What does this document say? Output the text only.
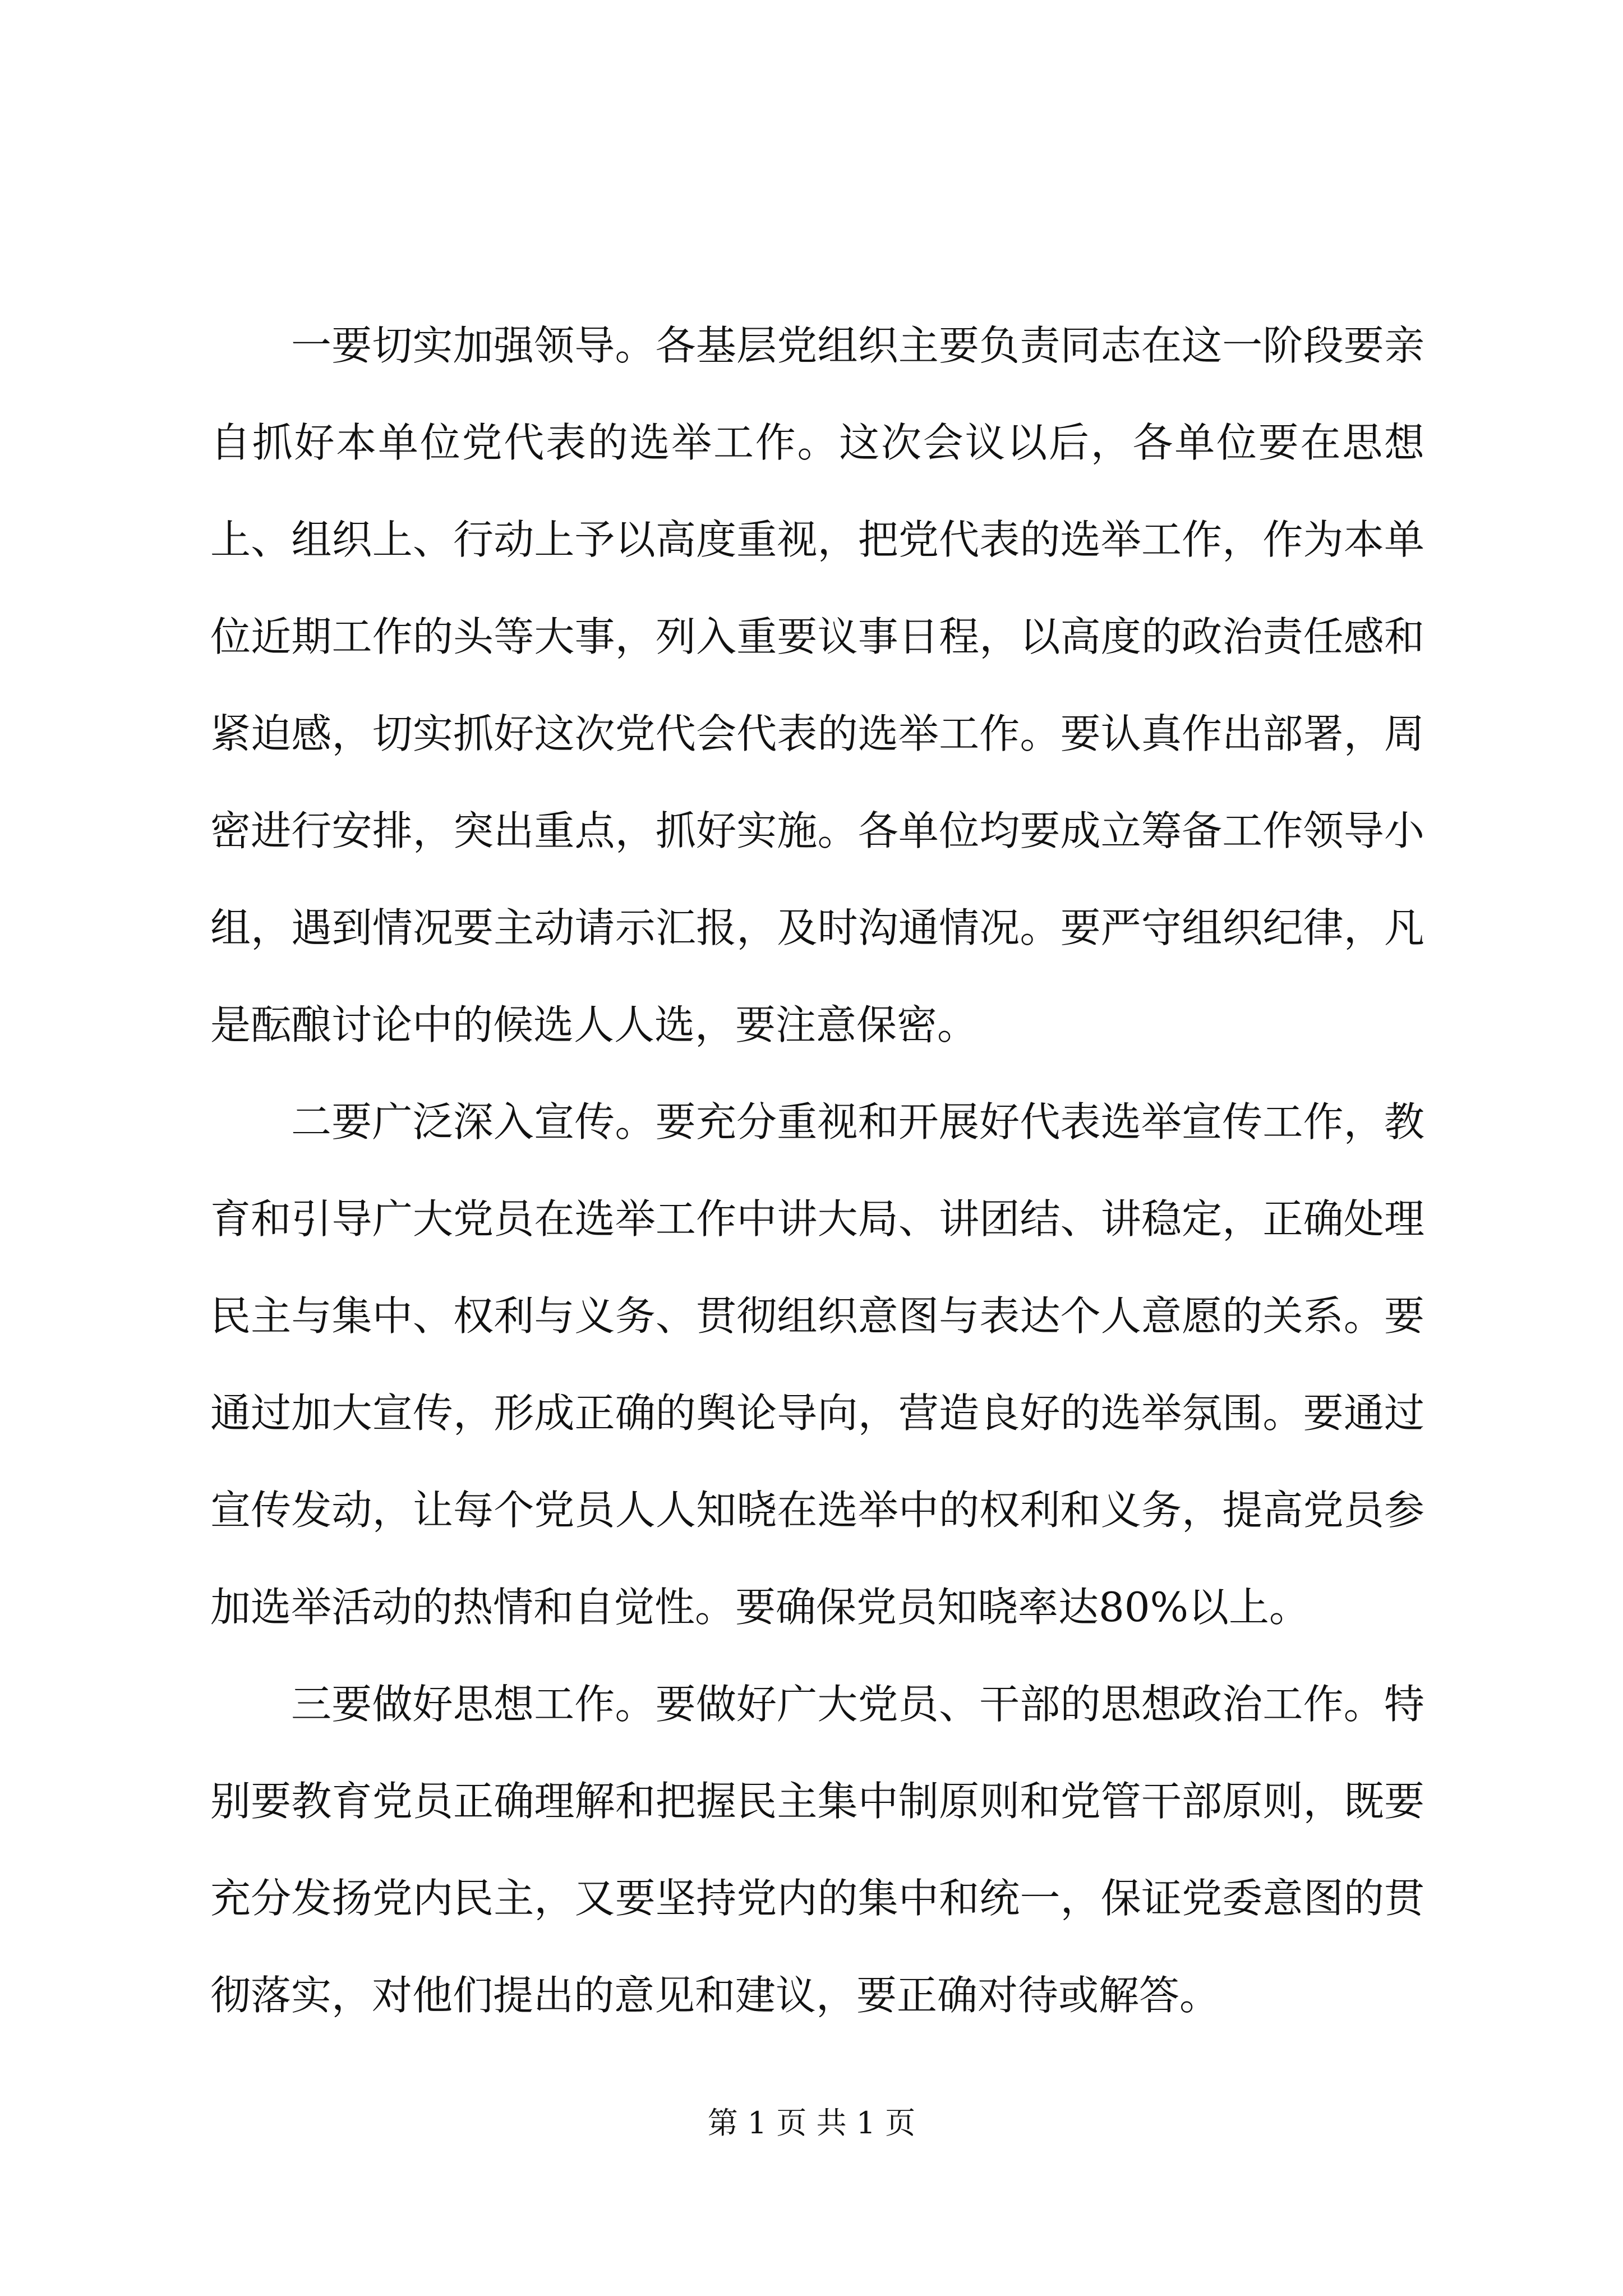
一要切实加强领导。各基层党组织主要负责同志在这一阶段要亲自抓好本单位党代表的选举工作。这次会议以后，各单位要在思想上、组织上、行动上予以高度重视，把党代表的选举工作，作为本单位近期工作的头等大事，列入重要议事日程，以高度的政治责任感和紧迫感，切实抓好这次党代会代表的选举工作。要认真作出部署，周密进行安排，突出重点，抓好实施。各单位均要成立筹备工作领导小组，遇到情况要主动请示汇报，及时沟通情况。要严守组织纪律，凡是酝酿讨论中的候选人人选，要注意保密。

二要广泛深入宣传。要充分重视和开展好代表选举宣传工作，教育和引导广大党员在选举工作中讲大局、讲团结、讲稳定，正确处理民主与集中、权利与义务、贯彻组织意图与表达个人意愿的关系。要通过加大宣传，形成正确的舆论导向，营造良好的选举氛围。要通过宣传发动，让每个党员人人知晓在选举中的权利和义务，提高党员参加选举活动的热情和自觉性。要确保党员知晓率达80%以上。

三要做好思想工作。要做好广大党员、干部的思想政治工作。特别要教育党员正确理解和把握民主集中制原则和党管干部原则，既要充分发扬党内民主，又要坚持党内的集中和统一，保证党委意图的贯彻落实，对他们提出的意见和建议，要正确对待或解答。

第 1 页 共 1 页
